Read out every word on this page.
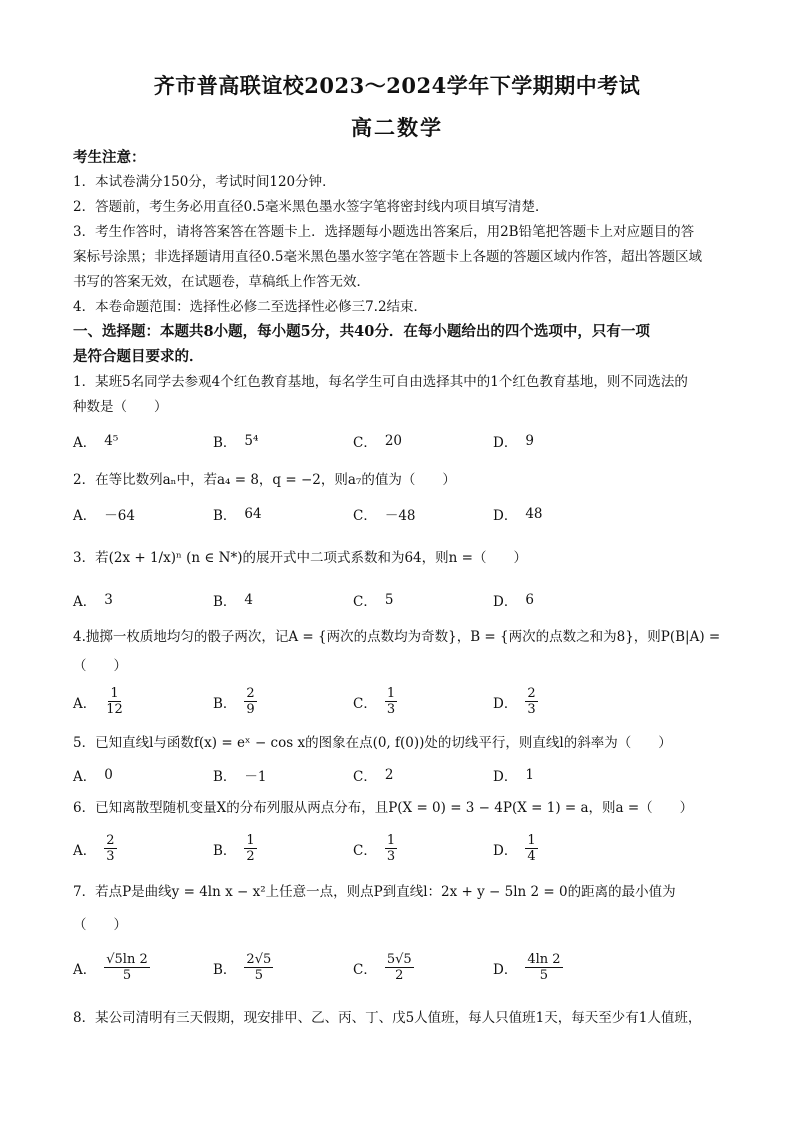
齐市普高联谊校2023～2024学年下学期期中考试
高二数学
考生注意：
1．本试卷满分150分，考试时间120分钟．
2．答题前，考生务必用直径0.5毫米黑色墨水签字笔将密封线内项目填写清楚．
3．考生作答时，请将答案答在答题卡上．选择题每小题选出答案后，用2B铅笔把答题卡上对应题目的答
案标号涂黑；非选择题请用直径0.5毫米黑色墨水签字笔在答题卡上各题的答题区域内作答，超出答题区域
书写的答案无效，在试题卷，草稿纸上作答无效．
4．本卷命题范围：选择性必修二至选择性必修三7.2结束．
一、选择题：本题共8小题，每小题5分，共40分．在每小题给出的四个选项中，只有一项
是符合题目要求的．
1．某班5名同学去参观4个红色教育基地，每名学生可自由选择其中的1个红色教育基地，则不同选法的
种数是（　　）
A． 4⁵	B． 5⁴	C． 20	D． 9
2．在等比数列aₙ中，若a₄ = 8，q = −2，则a₇的值为（　　）
A． －64	B． 64	C． －48	D． 48
3．若(2x + 1/x)ⁿ (n ∈ N*)的展开式中二项式系数和为64，则n =（　　）
A． 3	B． 4	C． 5	D． 6
4.抛掷一枚质地均匀的骰子两次，记A = {两次的点数均为奇数}，B = {两次的点数之和为8}，则P(B|A) =
（　　）
A． $\frac{1}{12}$	B． $\frac{2}{9}$	C． $\frac{1}{3}$	D． $\frac{2}{3}$
5．已知直线l与函数f(x) = eˣ − cos x的图象在点(0, f(0))处的切线平行，则直线l的斜率为（　　）
A． 0	B． －1	C． 2	D． 1
6．已知离散型随机变量X的分布列服从两点分布，且P(X = 0) = 3 − 4P(X = 1) = a，则a =（　　）
A． $\frac{2}{3}$	B． $\frac{1}{2}$	C． $\frac{1}{3}$	D． $\frac{1}{4}$
7．若点P是曲线y = 4ln x − x²上任意一点，则点P到直线l：2x + y − 5ln 2 = 0的距离的最小值为
（　　）
A． $\frac{√5\ln 2}{5}$	B． $\frac{2√5}{5}$	C． $\frac{5√5}{2}$	D． $\frac{4\ln 2}{5}$
8．某公司清明有三天假期，现安排甲、乙、丙、丁、戊5人值班，每人只值班1天，每天至少有1人值班，
